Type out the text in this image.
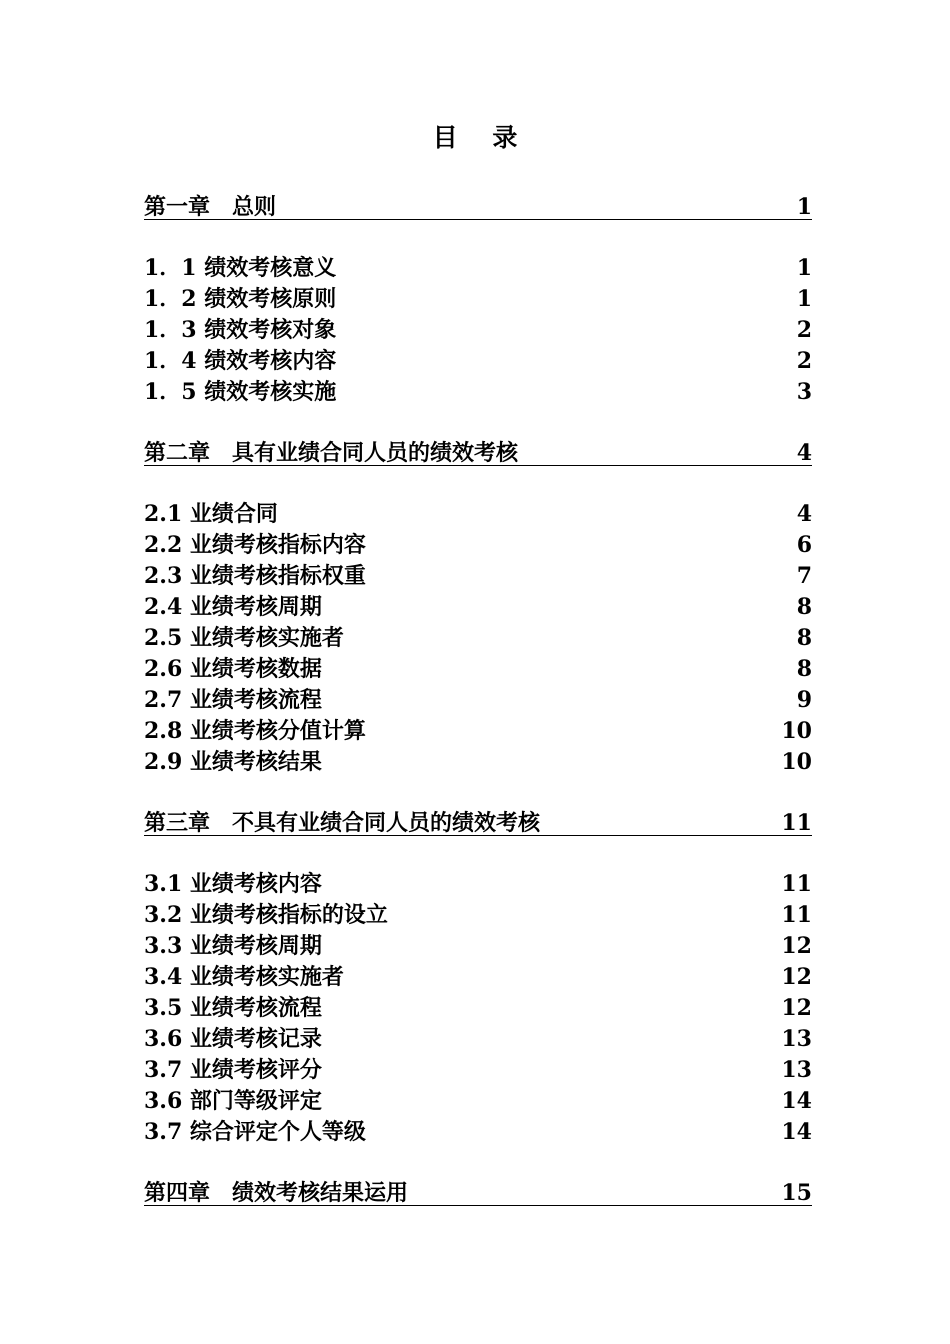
目    录
第一章　总则	1
1．1 绩效考核意义	1
1．2 绩效考核原则	1
1．3 绩效考核对象	2
1．4 绩效考核内容	2
1．5 绩效考核实施	3
第二章　具有业绩合同人员的绩效考核	4
2.1 业绩合同	4
2.2 业绩考核指标内容	6
2.3 业绩考核指标权重	7
2.4 业绩考核周期	8
2.5 业绩考核实施者	8
2.6 业绩考核数据	8
2.7 业绩考核流程	9
2.8 业绩考核分值计算	10
2.9 业绩考核结果	10
第三章　不具有业绩合同人员的绩效考核	11
3.1 业绩考核内容	11
3.2 业绩考核指标的设立	11
3.3 业绩考核周期	12
3.4 业绩考核实施者	12
3.5 业绩考核流程	12
3.6 业绩考核记录	13
3.7 业绩考核评分	13
3.6 部门等级评定	14
3.7 综合评定个人等级	14
第四章　绩效考核结果运用	15
